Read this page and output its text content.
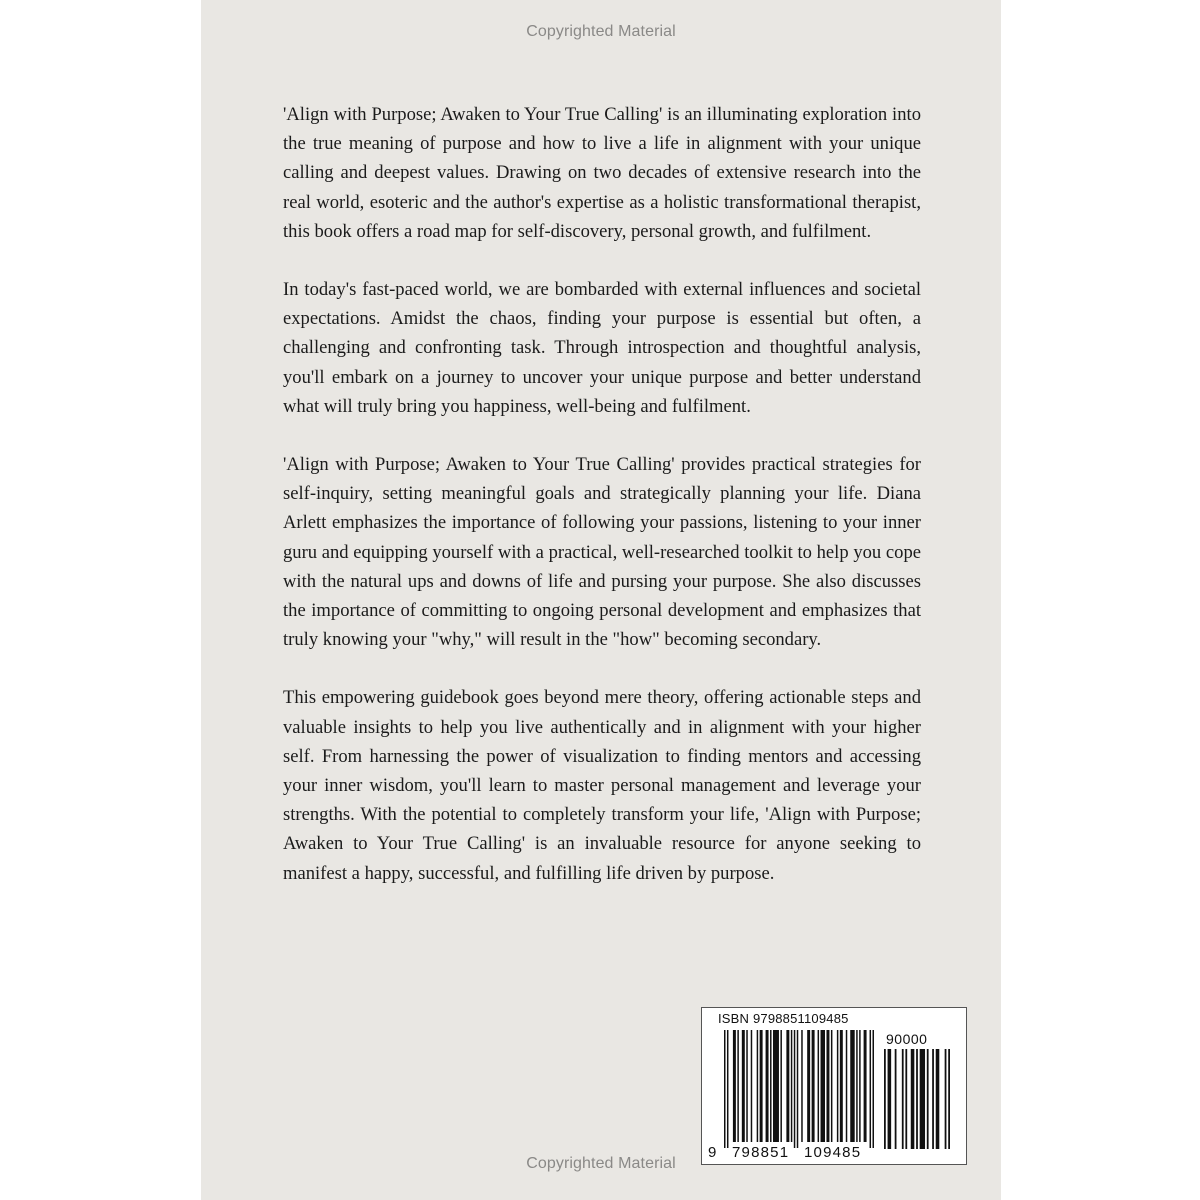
Copyrighted Material

'Align with Purpose; Awaken to Your True Calling' is an illuminating exploration into the true meaning of purpose and how to live a life in alignment with your unique calling and deepest values. Drawing on two decades of extensive research into the real world, esoteric and the author's expertise as a holistic transformational therapist, this book offers a road map for self-discovery, personal growth, and fulfilment.

In today's fast-paced world, we are bombarded with external influences and societal expectations. Amidst the chaos, finding your purpose is essential but often, a challenging and confronting task. Through introspection and thoughtful analysis, you'll embark on a journey to uncover your unique purpose and better understand what will truly bring you happiness, well-being and fulfilment.

'Align with Purpose; Awaken to Your True Calling' provides practical strategies for self-inquiry, setting meaningful goals and strategically planning your life. Diana Arlett emphasizes the importance of following your passions, listening to your inner guru and equipping yourself with a practical, well-researched toolkit to help you cope with the natural ups and downs of life and pursing your purpose. She also discusses the importance of committing to ongoing personal development and emphasizes that truly knowing your "why," will result in the "how" becoming secondary.

This empowering guidebook goes beyond mere theory, offering actionable steps and valuable insights to help you live authentically and in alignment with your higher self. From harnessing the power of visualization to finding mentors and accessing your inner wisdom, you'll learn to master personal management and leverage your strengths. With the potential to completely transform your life, 'Align with Purpose; Awaken to Your True Calling' is an invaluable resource for anyone seeking to manifest a happy, successful, and fulfilling life driven by purpose.

ISBN 9798851109485
90000
9 798851 109485
Copyrighted Material
